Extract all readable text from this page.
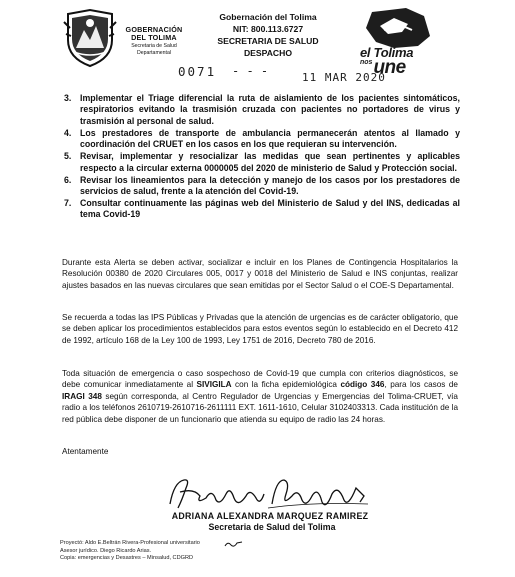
GOBERNACIÓN
DEL TOLIMA
Secretaria de Salud
Departamental
Gobernación del Tolima
NIT: 800.113.6727
SECRETARIA DE SALUD
DESPACHO
0071 - - -	11 MAR 2020
el Tolima
nosune
3. Implementar el Triage diferencial la ruta de aislamiento de los pacientes sintomáticos, respiratorios evitando la trasmisión cruzada con pacientes no portadores de virus y trasmisión al personal de salud.
4. Los prestadores de transporte de ambulancia permanecerán atentos al llamado y coordinación del CRUET en los casos en los que requieran su intervención.
5. Revisar, implementar y resocializar las medidas que sean pertinentes y aplicables respecto a la circular externa 0000005 del 2020 de ministerio de Salud y Protección social.
6. Revisar los lineamientos para la detección y manejo de los casos por los prestadores de servicios de salud, frente a la atención del Covid-19.
7. Consultar continuamente las páginas web del Ministerio de Salud y del INS, dedicadas al tema Covid-19
Durante esta Alerta se deben activar, socializar e incluir en los Planes de Contingencia Hospitalarios la Resolución 00380 de 2020 Circulares 005, 0017 y 0018 del Ministerio de Salud e INS conjuntas, realizar ajustes basados en las nuevas circulares que sean emitidas por el Sector Salud o el COE-S Departamental.
Se recuerda a todas las IPS Públicas y Privadas que la atención de urgencias es de carácter obligatorio, que se deben aplicar los procedimientos establecidos para estos eventos según lo establecido en el Decreto 412 de 1992, artículo 168 de la Ley 100 de 1993, Ley 1751 de 2016, Decreto 780 de 2016.
Toda situación de emergencia o caso sospechoso de Covid-19 que cumpla con criterios diagnósticos, se debe comunicar inmediatamente al SIVIGILA con la ficha epidemiológica código 346, para los casos de IRAGI 348 según corresponda, al Centro Regulador de Urgencias y Emergencias del Tolima-CRUET, vía radio a los teléfonos 2610719-2610716-2611111 EXT. 1611-1610, Celular 3102403313. Cada institución de la red pública debe disponer de un funcionario que atienda su equipo de radio las 24 horas.
Atentamente
ADRIANA ALEXANDRA MARQUEZ RAMIREZ
Secretaria de Salud del Tolima
Proyectó: Aldo E.Beltrán Rivera-Profesional universitario
Asesor jurídico. Diego Ricardo Arias.
Copia: emergencias y Desastres – Minsalud, CDGRD
